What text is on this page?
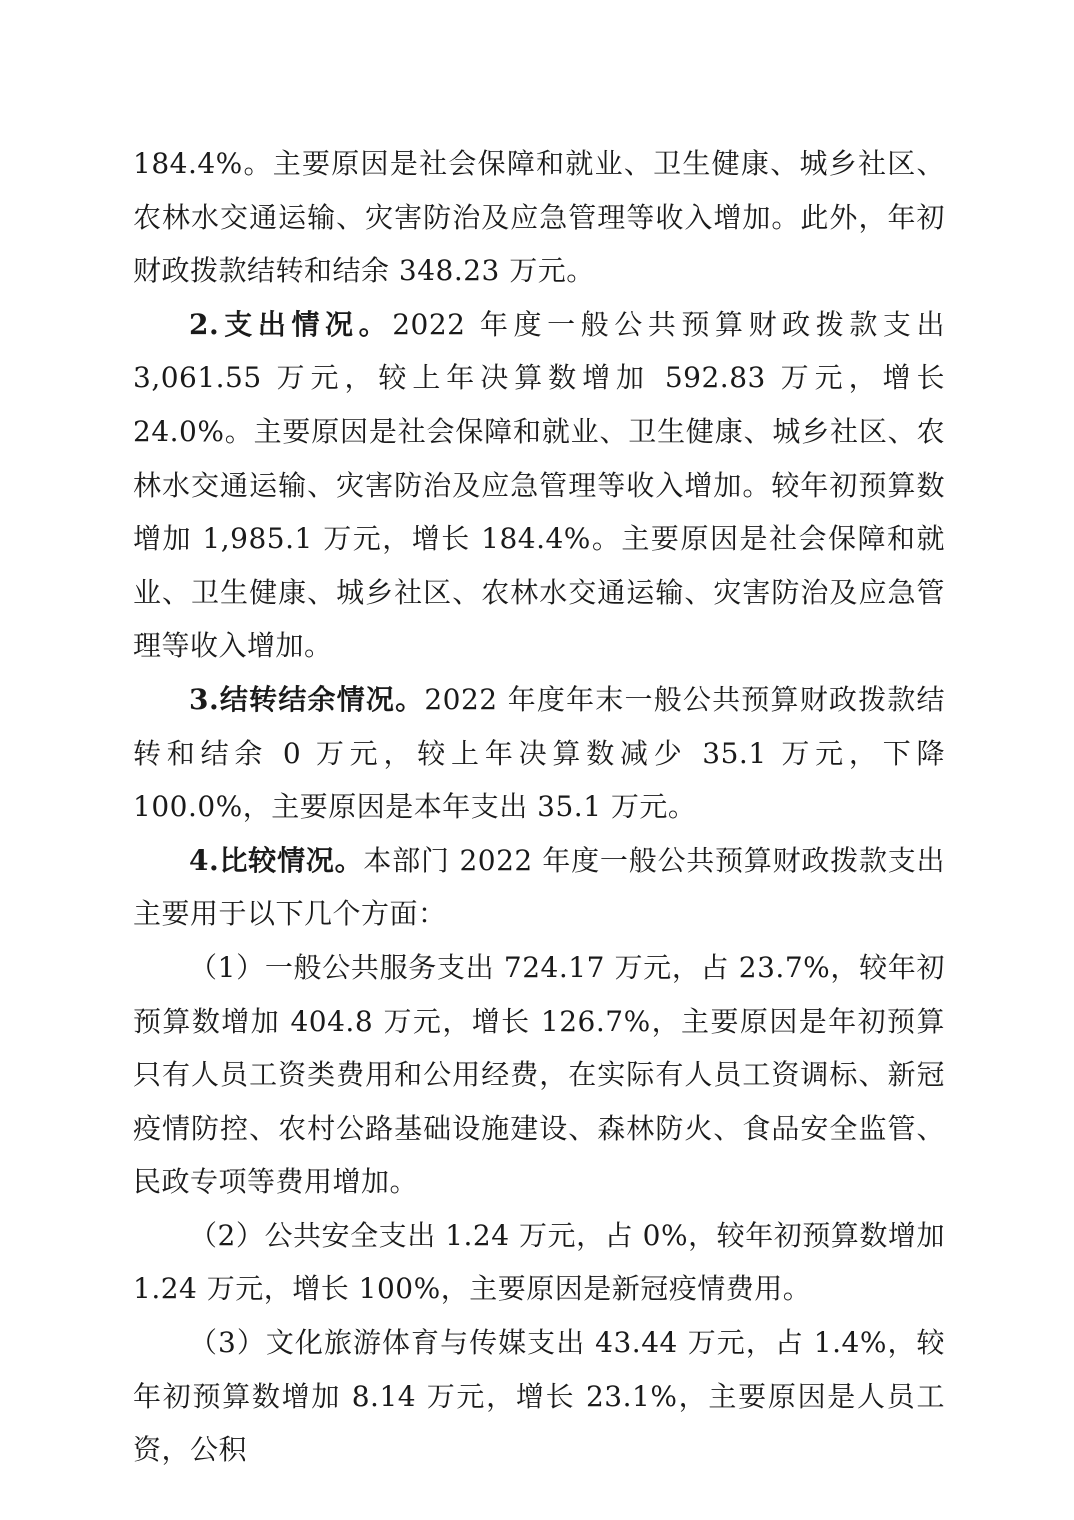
184.4%。主要原因是社会保障和就业、卫生健康、城乡社区、农林水交通运输、灾害防治及应急管理等收入增加。此外，年初财政拨款结转和结余 348.23 万元。

2.支出情况。2022 年度一般公共预算财政拨款支出 3,061.55 万元，较上年决算数增加 592.83 万元，增长 24.0%。主要原因是社会保障和就业、卫生健康、城乡社区、农林水交通运输、灾害防治及应急管理等收入增加。较年初预算数增加 1,985.1 万元，增长 184.4%。主要原因是社会保障和就业、卫生健康、城乡社区、农林水交通运输、灾害防治及应急管理等收入增加。

3.结转结余情况。2022 年度年末一般公共预算财政拨款结转和结余 0 万元，较上年决算数减少 35.1 万元，下降 100.0%，主要原因是本年支出 35.1 万元。

4.比较情况。本部门 2022 年度一般公共预算财政拨款支出主要用于以下几个方面：

（1）一般公共服务支出 724.17 万元，占 23.7%，较年初预算数增加 404.8 万元，增长 126.7%，主要原因是年初预算只有人员工资类费用和公用经费，在实际有人员工资调标、新冠疫情防控、农村公路基础设施建设、森林防火、食品安全监管、民政专项等费用增加。

（2）公共安全支出 1.24 万元，占 0%，较年初预算数增加 1.24 万元，增长 100%，主要原因是新冠疫情费用。

（3）文化旅游体育与传媒支出 43.44 万元，占 1.4%，较年初预算数增加 8.14 万元，增长 23.1%，主要原因是人员工资，公积
